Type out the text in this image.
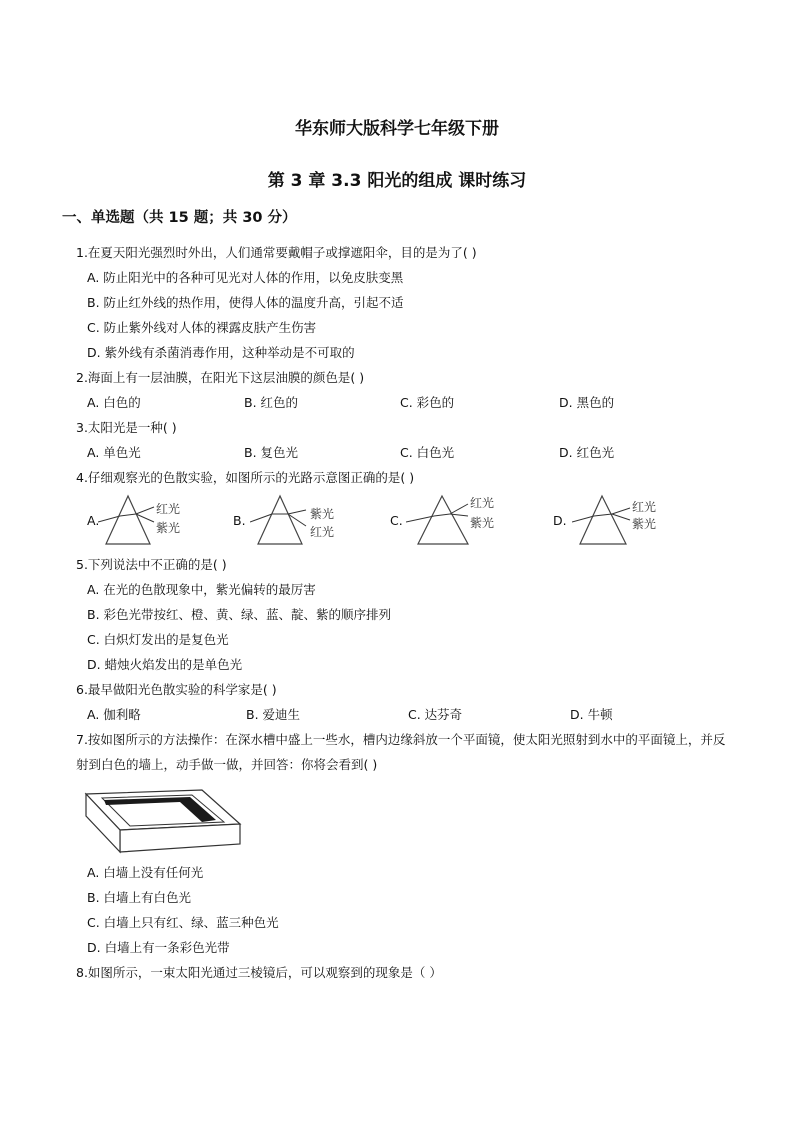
华东师大版科学七年级下册
第 3 章 3.3 阳光的组成 课时练习
一、单选题（共 15 题；共 30 分）
1.在夏天阳光强烈时外出，人们通常要戴帽子或撑遮阳伞，目的是为了( )
A. 防止阳光中的各种可见光对人体的作用，以免皮肤变黑
B. 防止红外线的热作用，使得人体的温度升高，引起不适
C. 防止紫外线对人体的裸露皮肤产生伤害
D. 紫外线有杀菌消毒作用，这种举动是不可取的
2.海面上有一层油膜，在阳光下这层油膜的颜色是( )
A. 白色的	B. 红色的	C. 彩色的	D. 黑色的
3.太阳光是一种( )
A. 单色光	B. 复色光	C. 白色光	D. 红色光
4.仔细观察光的色散实验，如图所示的光路示意图正确的是( )
A.
红光
紫光	B.	紫光
红光
C.
红光
紫光	D.
红光
紫光
5.下列说法中不正确的是( )
A. 在光的色散现象中，紫光偏转的最厉害
B. 彩色光带按红、橙、黄、绿、蓝、靛、紫的顺序排列
C. 白炽灯发出的是复色光
D. 蜡烛火焰发出的是单色光
6.最早做阳光色散实验的科学家是( )
A. 伽利略	B. 爱迪生	C. 达芬奇	D. 牛顿
7.按如图所示的方法操作：在深水槽中盛上一些水，槽内边缘斜放一个平面镜，使太阳光照射到水中的平面镜上，并反射到白色的墙上，动手做一做，并回答：你将会看到( )
A. 白墙上没有任何光
B. 白墙上有白色光
C. 白墙上只有红、绿、蓝三种色光
D. 白墙上有一条彩色光带
8.如图所示，一束太阳光通过三棱镜后，可以观察到的现象是（ ）
